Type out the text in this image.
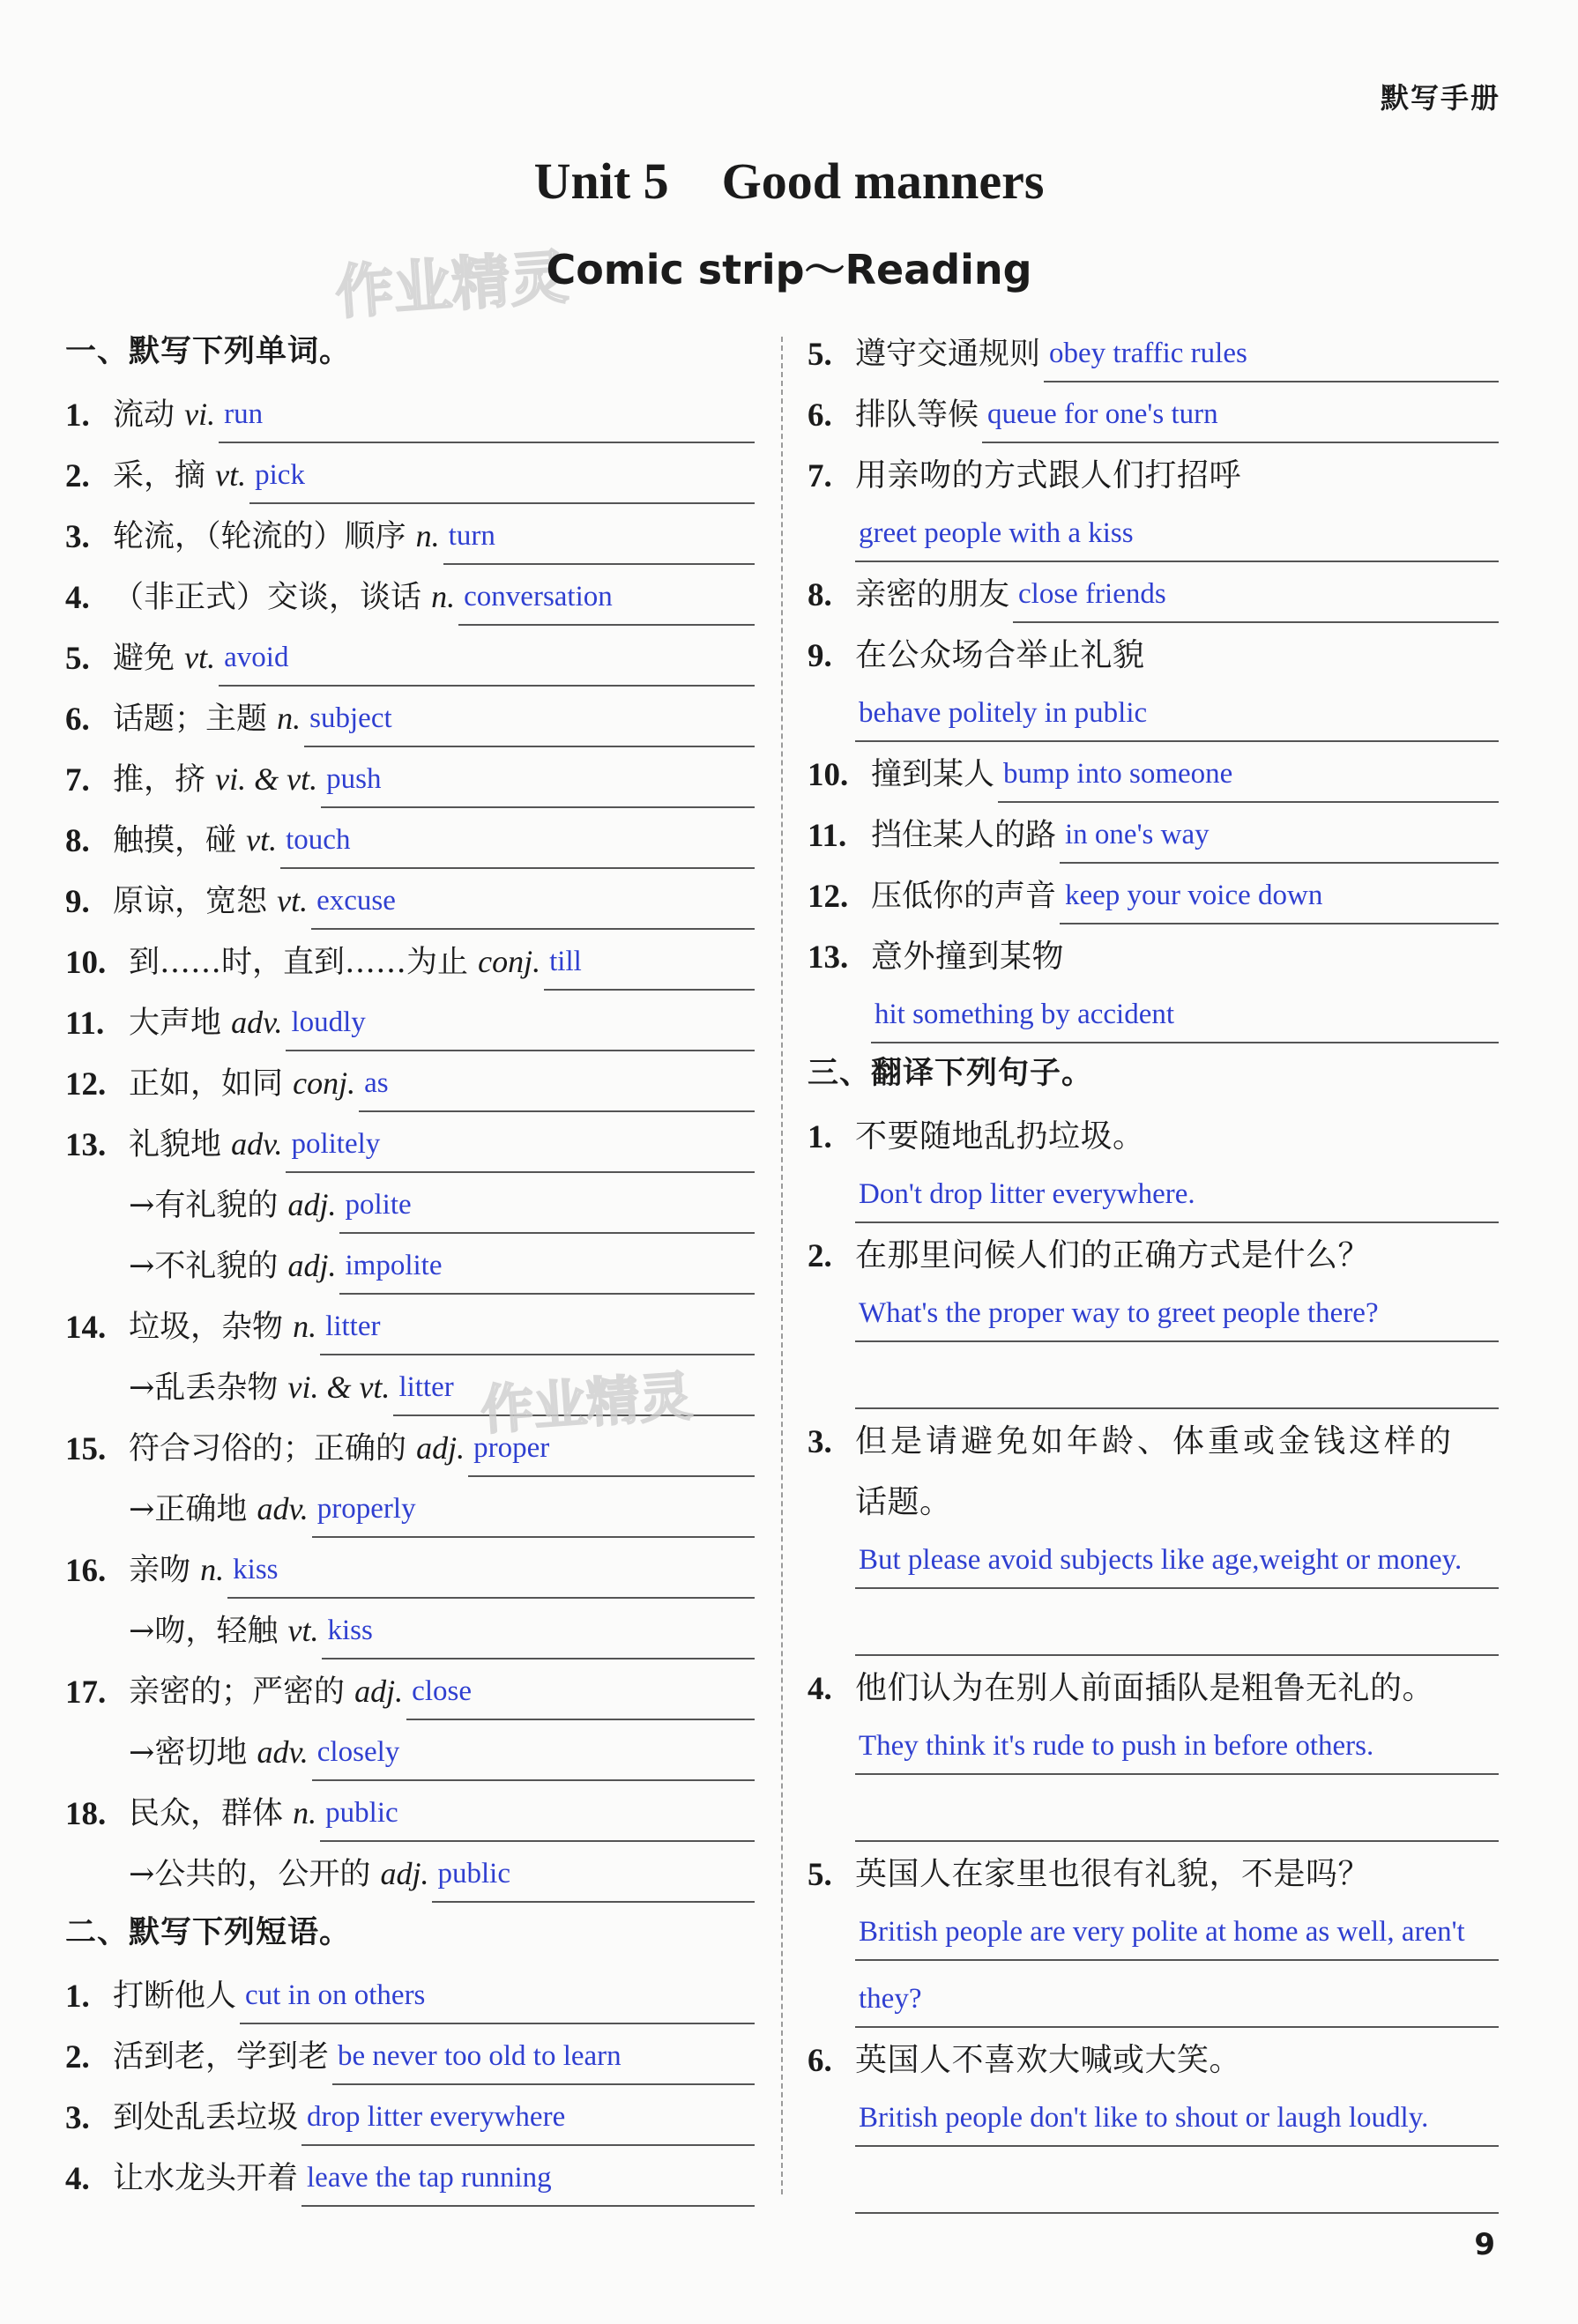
默写手册
Unit 5 Good manners
作业精灵
Comic strip～Reading
一、默写下列单词。
1. 流动 vi. run
2. 采，摘 vt. pick
3. 轮流，（轮流的）顺序 n. turn
4. （非正式）交谈，谈话 n. conversation
5. 避免 vt. avoid
6. 话题；主题 n. subject
7. 推，挤 vi. & vt. push
8. 触摸，碰 vt. touch
9. 原谅，宽恕 vt. excuse
10. 到……时，直到……为止 conj. till
11. 大声地 adv. loudly
12. 正如，如同 conj. as
13. 礼貌地 adv. politely
→有礼貌的 adj. polite
→不礼貌的 adj. impolite
14. 垃圾，杂物 n. litter
→乱丢杂物 vi. & vt. litter
15. 符合习俗的；正确的 adj. proper
→正确地 adv. properly
16. 亲吻 n. kiss
→吻，轻触 vt. kiss
17. 亲密的；严密的 adj. close
→密切地 adv. closely
18. 民众，群体 n. public
→公共的，公开的 adj. public
二、默写下列短语。
1. 打断他人 cut in on others
2. 活到老，学到老 be never too old to learn
3. 到处乱丢垃圾 drop litter everywhere
4. 让水龙头开着 leave the tap running
作业精灵
5. 遵守交通规则 obey traffic rules
6. 排队等候 queue for one's turn
7. 用亲吻的方式跟人们打招呼
greet people with a kiss
8. 亲密的朋友 close friends
9. 在公众场合举止礼貌
behave politely in public
10. 撞到某人 bump into someone
11. 挡住某人的路 in one's way
12. 压低你的声音 keep your voice down
13. 意外撞到某物
hit something by accident
三、翻译下列句子。
1. 不要随地乱扔垃圾。
Don't drop litter everywhere.
2. 在那里问候人们的正确方式是什么？
What's the proper way to greet people there?
3. 但是请避免如年龄、体重或金钱这样的
话题。
But please avoid subjects like age,weight or money.
4. 他们认为在别人前面插队是粗鲁无礼的。
They think it's rude to push in before others.
5. 英国人在家里也很有礼貌，不是吗？
British people are very polite at home as well, aren't
they?
6. 英国人不喜欢大喊或大笑。
British people don't like to shout or laugh loudly.
9
